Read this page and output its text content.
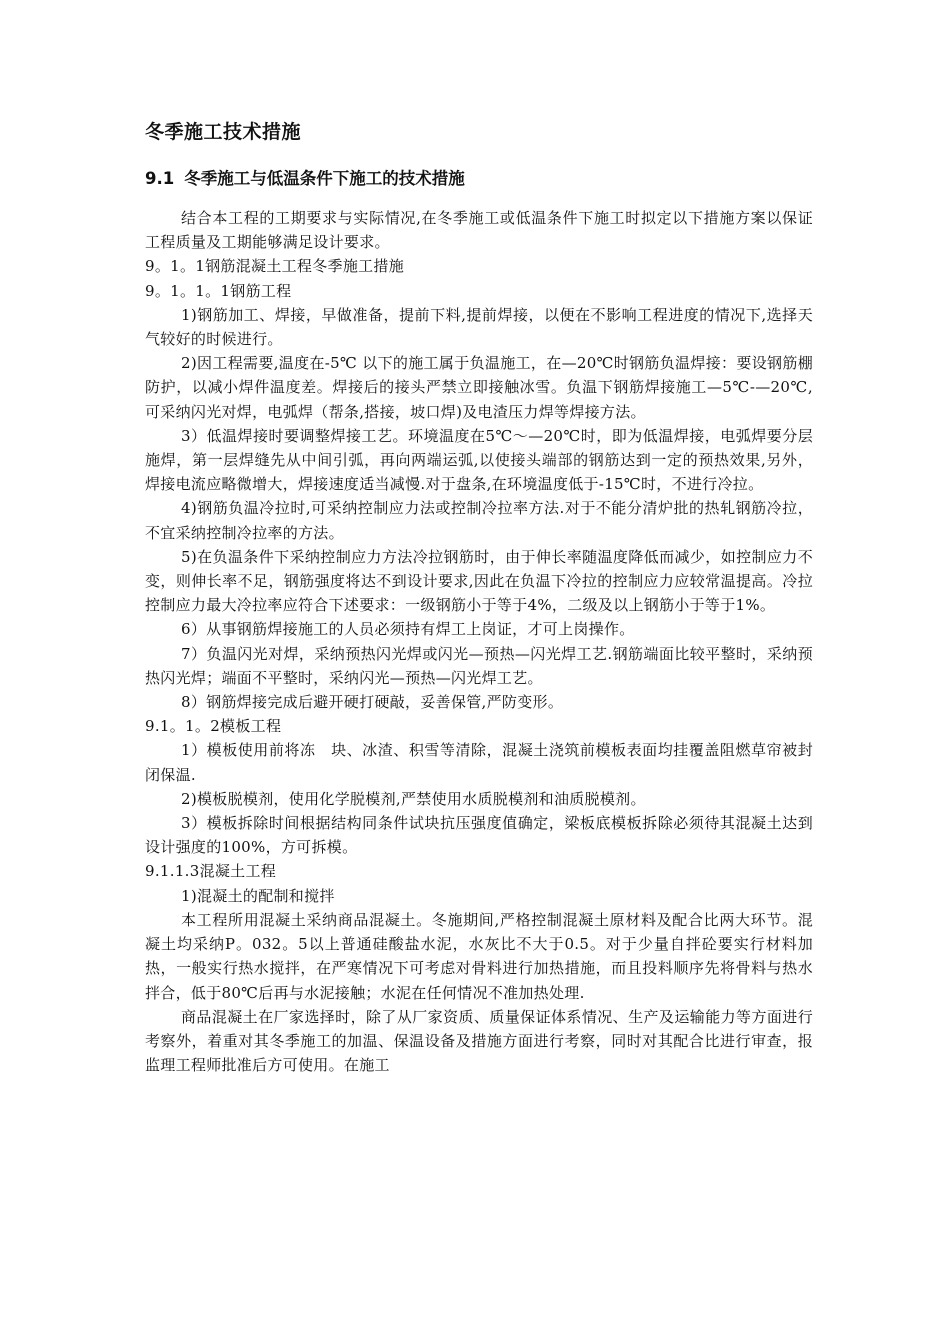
冬季施工技术措施
9.1 冬季施工与低温条件下施工的技术措施

结合本工程的工期要求与实际情况,在冬季施工或低温条件下施工时拟定以下措施方案以保证工程质量及工期能够满足设计要求。

9。1。1钢筋混凝土工程冬季施工措施
9。1。1。1钢筋工程

1)钢筋加工、焊接，早做准备，提前下料,提前焊接，以便在不影响工程进度的情况下,选择天气较好的时候进行。

2)因工程需要,温度在-5℃ 以下的施工属于负温施工，在—20℃时钢筋负温焊接：要设钢筋棚防护，以减小焊件温度差。焊接后的接头严禁立即接触冰雪。负温下钢筋焊接施工—5℃-—20℃,可采纳闪光对焊，电弧焊（帮条,搭接，坡口焊)及电渣压力焊等焊接方法。

3）低温焊接时要调整焊接工艺。环境温度在5℃～—20℃时，即为低温焊接，电弧焊要分层施焊，第一层焊缝先从中间引弧，再向两端运弧,以使接头端部的钢筋达到一定的预热效果,另外，焊接电流应略微增大，焊接速度适当减慢.对于盘条,在环境温度低于-15℃时，不进行冷拉。

4)钢筋负温冷拉时,可采纳控制应力法或控制冷拉率方法.对于不能分清炉批的热轧钢筋冷拉，不宜采纳控制冷拉率的方法。

5)在负温条件下采纳控制应力方法冷拉钢筋时，由于伸长率随温度降低而减少，如控制应力不变，则伸长率不足，钢筋强度将达不到设计要求,因此在负温下冷拉的控制应力应较常温提高。冷拉控制应力最大冷拉率应符合下述要求：一级钢筋小于等于4%，二级及以上钢筋小于等于1%。

6）从事钢筋焊接施工的人员必须持有焊工上岗证，才可上岗操作。

7）负温闪光对焊，采纳预热闪光焊或闪光—预热—闪光焊工艺.钢筋端面比较平整时，采纳预热闪光焊；端面不平整时，采纳闪光—预热—闪光焊工艺。

8）钢筋焊接完成后避开硬打硬敲，妥善保管,严防变形。

9.1。1。2模板工程

1）模板使用前将冻　块、冰渣、积雪等清除，混凝土浇筑前模板表面均挂覆盖阻燃草帘被封闭保温.

2)模板脱模剂，使用化学脱模剂,严禁使用水质脱模剂和油质脱模剂。

3）模板拆除时间根据结构同条件试块抗压强度值确定，梁板底模板拆除必须待其混凝土达到设计强度的100%，方可拆模。

9.1.1.3混凝土工程

1)混凝土的配制和搅拌

本工程所用混凝土采纳商品混凝土。冬施期间,严格控制混凝土原材料及配合比两大环节。混凝土均采纳P。032。5以上普通硅酸盐水泥，水灰比不大于0.5。对于少量自拌砼要实行材料加热，一般实行热水搅拌，在严寒情况下可考虑对骨料进行加热措施，而且投料顺序先将骨料与热水拌合，低于80℃后再与水泥接触；水泥在任何情况不准加热处理.

商品混凝土在厂家选择时，除了从厂家资质、质量保证体系情况、生产及运输能力等方面进行考察外，着重对其冬季施工的加温、保温设备及措施方面进行考察，同时对其配合比进行审查，报监理工程师批准后方可使用。在施工
